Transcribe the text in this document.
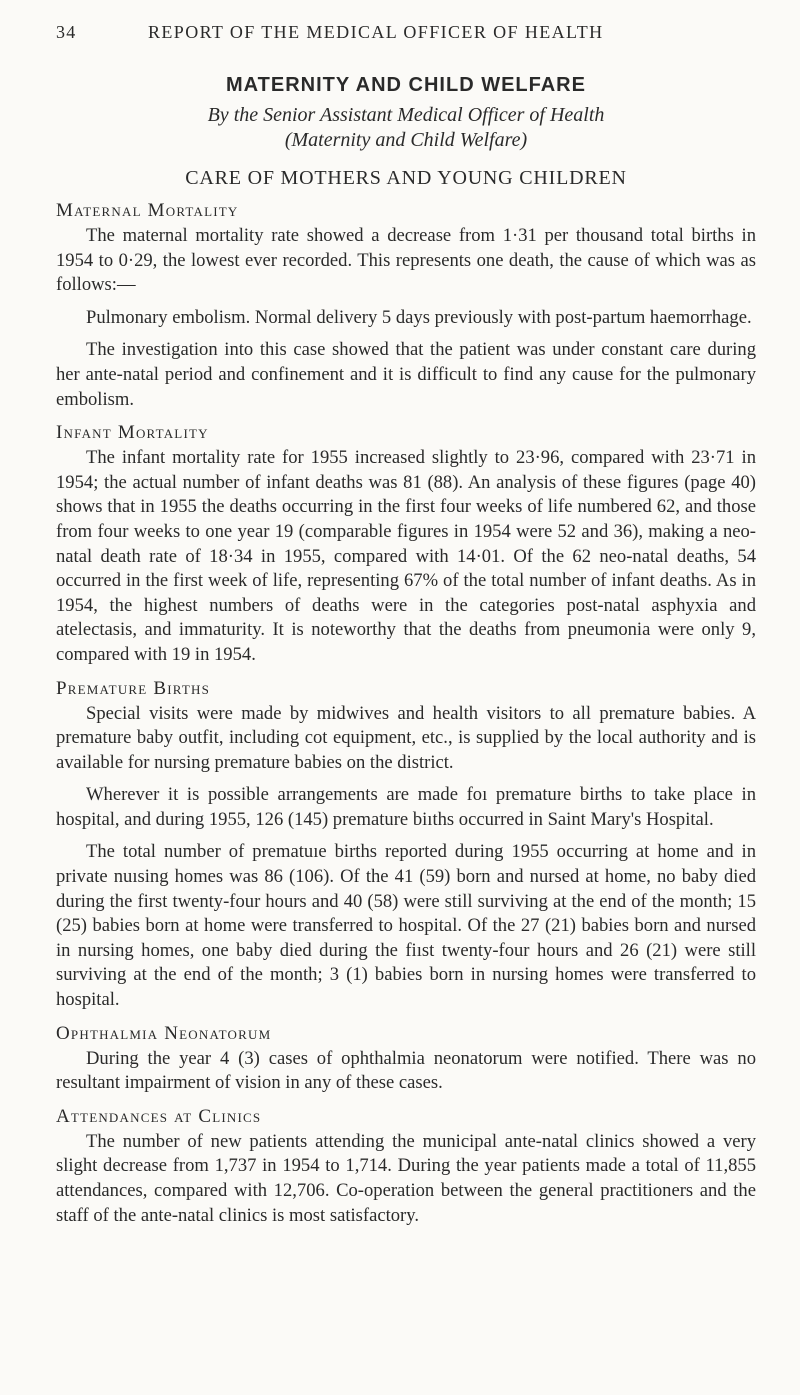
34	REPORT OF THE MEDICAL OFFICER OF HEALTH
MATERNITY AND CHILD WELFARE
By the Senior Assistant Medical Officer of Health
(Maternity and Child Welfare)
CARE OF MOTHERS AND YOUNG CHILDREN
Maternal Mortality

The maternal mortality rate showed a decrease from 1·31 per thousand total births in 1954 to 0·29, the lowest ever recorded. This represents one death, the cause of which was as follows:—

Pulmonary embolism. Normal delivery 5 days previously with post-partum haemorrhage.

The investigation into this case showed that the patient was under constant care during her ante-natal period and confinement and it is difficult to find any cause for the pulmonary embolism.

Infant Mortality

The infant mortality rate for 1955 increased slightly to 23·96, compared with 23·71 in 1954; the actual number of infant deaths was 81 (88). An analysis of these figures (page 40) shows that in 1955 the deaths occurring in the first four weeks of life numbered 62, and those from four weeks to one year 19 (comparable figures in 1954 were 52 and 36), making a neo-natal death rate of 18·34 in 1955, compared with 14·01. Of the 62 neo-natal deaths, 54 occurred in the first week of life, representing 67% of the total number of infant deaths. As in 1954, the highest numbers of deaths were in the categories post-natal asphyxia and atelectasis, and immaturity. It is noteworthy that the deaths from pneumonia were only 9, compared with 19 in 1954.

Premature Births

Special visits were made by midwives and health visitors to all premature babies. A premature baby outfit, including cot equipment, etc., is supplied by the local authority and is available for nursing premature babies on the district.

Wherever it is possible arrangements are made foı premature births to take place in hospital, and during 1955, 126 (145) premature biıths occurred in Saint Mary's Hospital.

The total number of prematuıe births reported during 1955 occurring at home and in private nuısing homes was 86 (106). Of the 41 (59) born and nursed at home, no baby died during the first twenty-four hours and 40 (58) were still surviving at the end of the month; 15 (25) babies born at home were transferred to hospital. Of the 27 (21) babies born and nursed in nursing homes, one baby died during the fiıst twenty-four hours and 26 (21) were still surviving at the end of the month; 3 (1) babies born in nursing homes were transferred to hospital.

Ophthalmia Neonatorum

During the year 4 (3) cases of ophthalmia neonatorum were notified. There was no resultant impairment of vision in any of these cases.

Attendances at Clinics

The number of new patients attending the municipal ante-natal clinics showed a very slight decrease from 1,737 in 1954 to 1,714. During the year patients made a total of 11,855 attendances, compared with 12,706. Co-operation between the general practitioners and the staff of the ante-natal clinics is most satisfactory.
